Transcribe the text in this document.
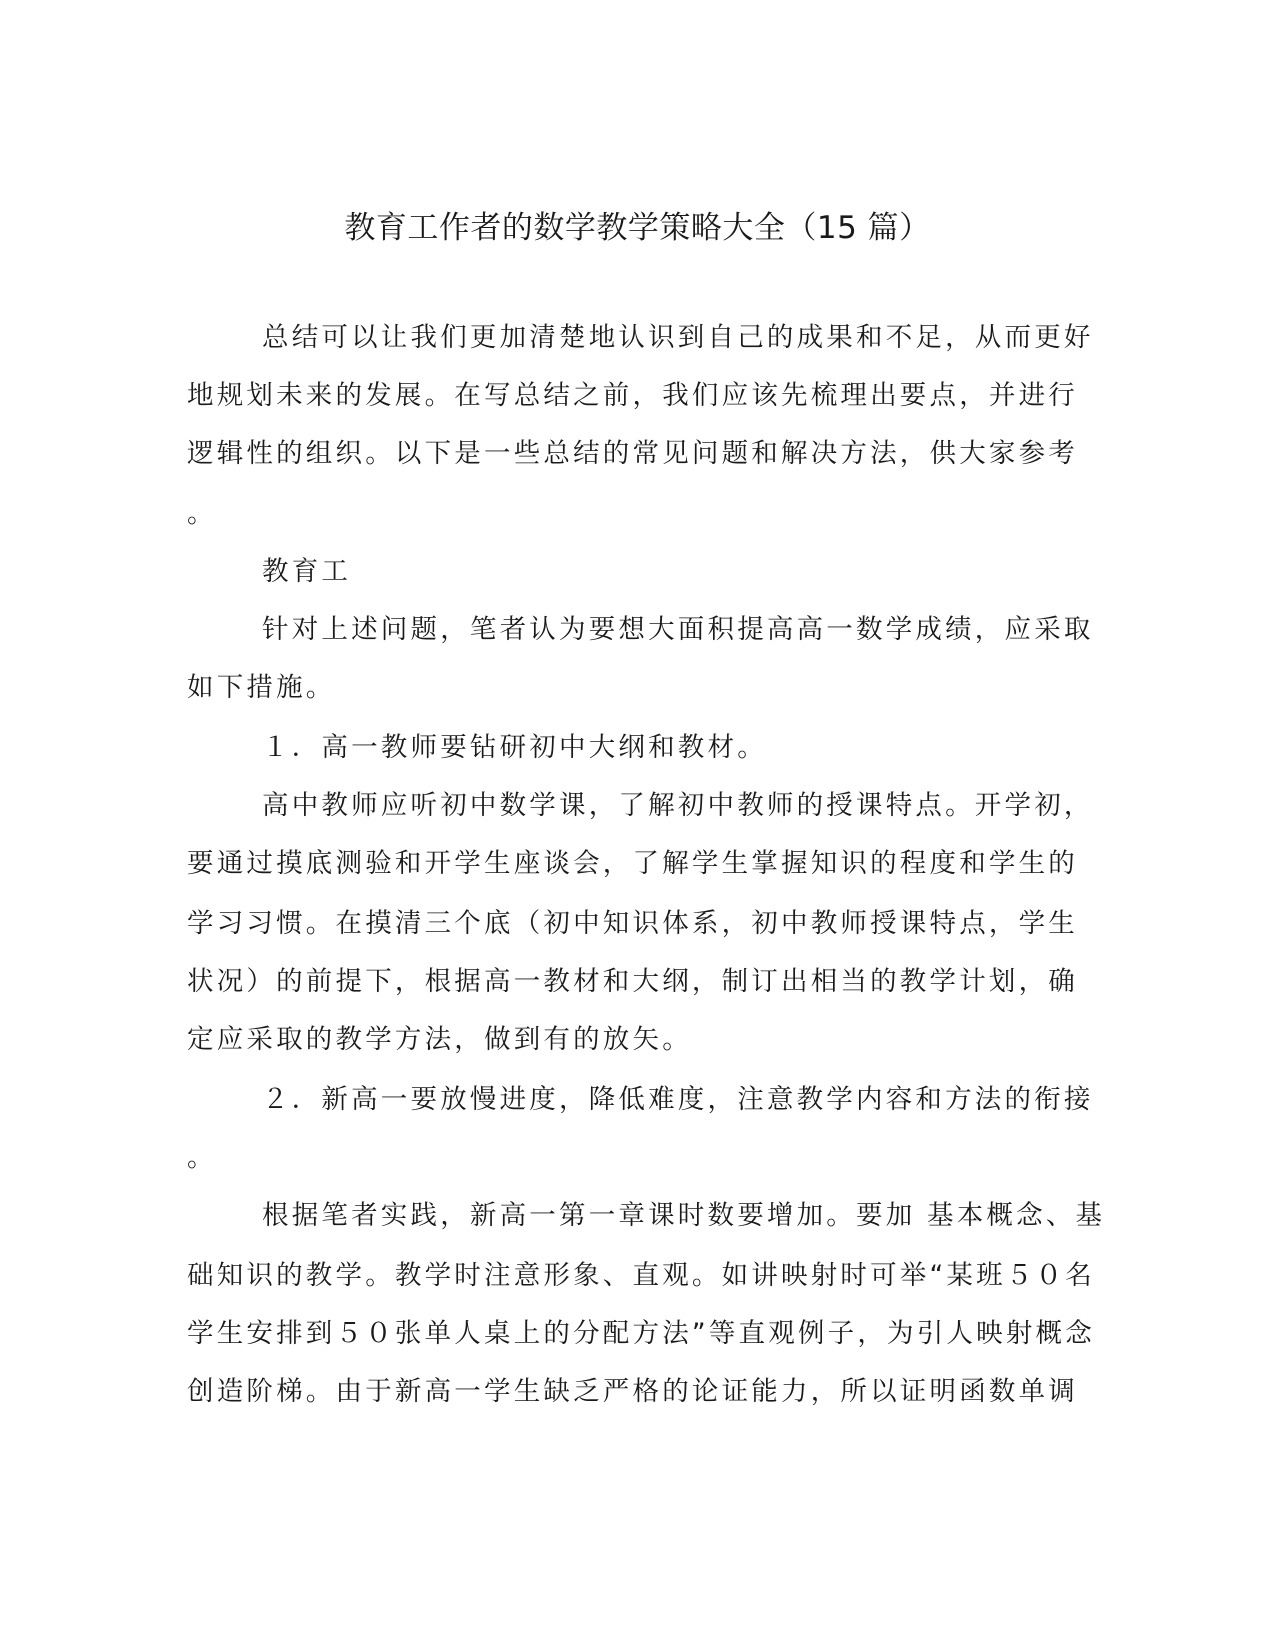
教育工作者的数学教学策略大全（15 篇）
总结可以让我们更加清楚地认识到自己的成果和不足，从而更好
地规划未来的发展。在写总结之前，我们应该先梳理出要点，并进行
逻辑性的组织。以下是一些总结的常见问题和解决方法，供大家参考
。
教育工
针对上述问题，笔者认为要想大面积提高高一数学成绩，应采取
如下措施。
１．高一教师要钻研初中大纲和教材。
高中教师应听初中数学课，了解初中教师的授课特点。开学初，
要通过摸底测验和开学生座谈会，了解学生掌握知识的程度和学生的
学习习惯。在摸清三个底（初中知识体系，初中教师授课特点，学生
状况）的前提下，根据高一教材和大纲，制订出相当的教学计划，确
定应采取的教学方法，做到有的放矢。
２．新高一要放慢进度，降低难度，注意教学内容和方法的衔接
。
根据笔者实践，新高一第一章课时数要增加。要加 基本概念、基
础知识的教学。教学时注意形象、直观。如讲映射时可举“某班５０名
学生安排到５０张单人桌上的分配方法”等直观例子，为引人映射概念
创造阶梯。由于新高一学生缺乏严格的论证能力，所以证明函数单调
